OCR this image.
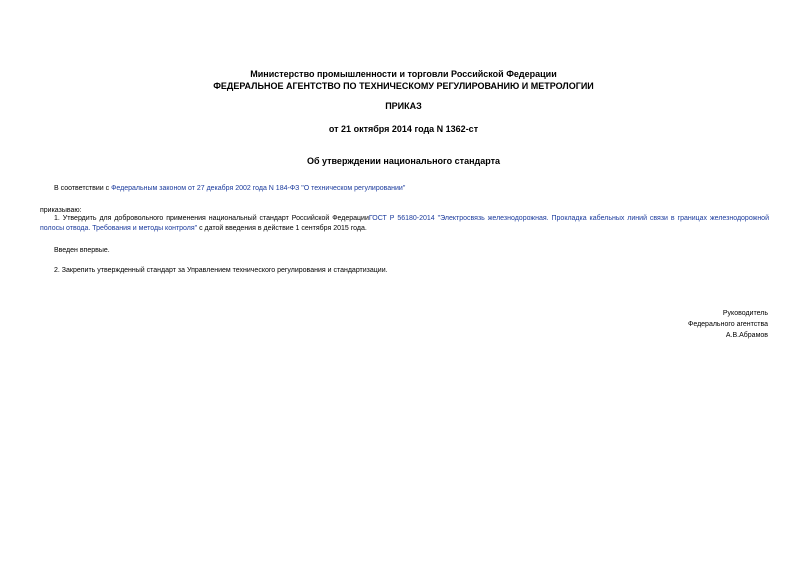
Министерство промышленности и торговли Российской Федерации
ФЕДЕРАЛЬНОЕ АГЕНТСТВО ПО ТЕХНИЧЕСКОМУ РЕГУЛИРОВАНИЮ И МЕТРОЛОГИИ
ПРИКАЗ
от 21 октября 2014 года N 1362-ст
Об утверждении национального стандарта
В соответствии с Федеральным законом от 27 декабря 2002 года N 184-ФЗ "О техническом регулировании"
приказываю:
1. Утвердить для добровольного применения национальный стандарт Российской ФедерацииГОСТ Р 56180-2014 "Электросвязь железнодорожная. Прокладка кабельных линий связи в границах железнодорожной полосы отвода. Требования и методы контроля" с датой введения в действие 1 сентября 2015 года.
Введен впервые.
2. Закрепить утвержденный стандарт за Управлением технического регулирования и стандартизации.
Руководитель
Федерального агентства
А.В.Абрамов
